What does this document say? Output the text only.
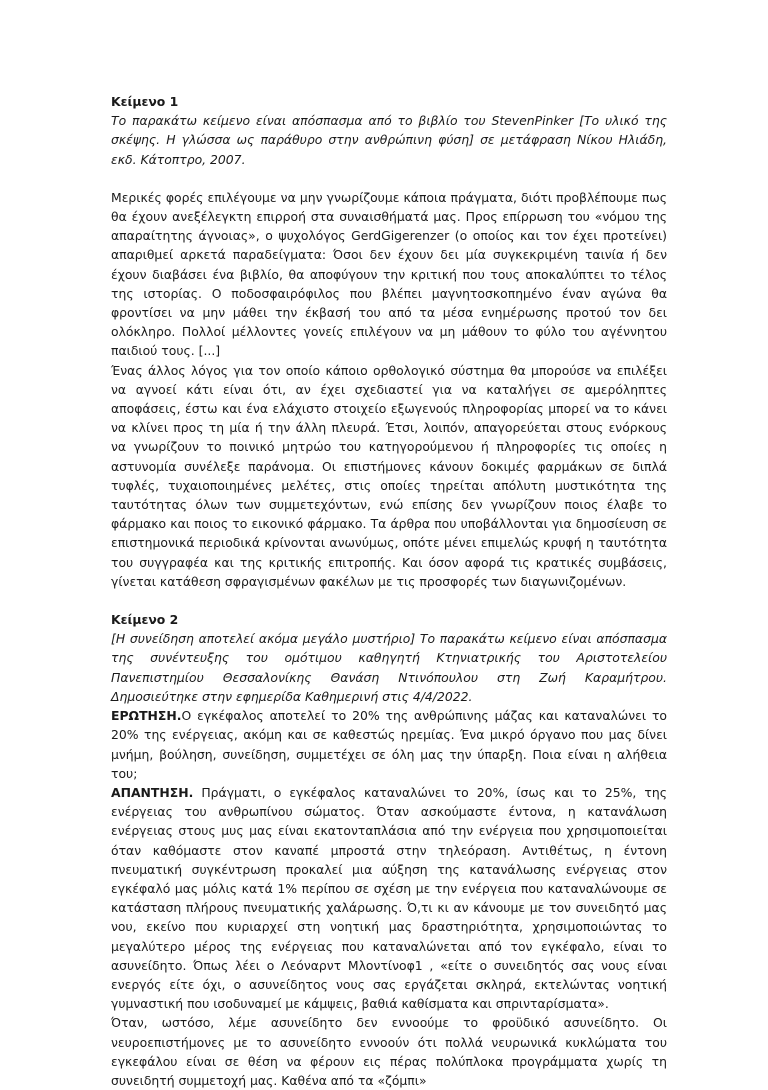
Κείμενο 1

Το παρακάτω κείμενο είναι απόσπασμα από το βιβλίο του StevenPinker [Το υλικό της σκέψης. Η γλώσσα ως παράθυρο στην ανθρώπινη φύση] σε μετάφραση Νίκου Ηλιάδη, εκδ. Κάτοπτρο, 2007.

Μερικές φορές επιλέγουμε να μην γνωρίζουμε κάποια πράγματα, διότι προβλέπουμε πως θα έχουν ανεξέλεγκτη επιρροή στα συναισθήματά μας. Προς επίρρωση του «νόμου της απαραίτητης άγνοιας», ο ψυχολόγος GerdGigerenzer (ο οποίος και τον έχει προτείνει) απαριθμεί αρκετά παραδείγματα: Όσοι δεν έχουν δει μία συγκεκριμένη ταινία ή δεν έχουν διαβάσει ένα βιβλίο, θα αποφύγουν την κριτική που τους αποκαλύπτει το τέλος της ιστορίας. Ο ποδοσφαιρόφιλος που βλέπει μαγνητοσκοπημένο έναν αγώνα θα φροντίσει να μην μάθει την έκβασή του από τα μέσα ενημέρωσης προτού τον δει ολόκληρο. Πολλοί μέλλοντες γονείς επιλέγουν να μη μάθουν το φύλο του αγέννητου παιδιού τους. [...]

Ένας άλλος λόγος για τον οποίο κάποιο ορθολογικό σύστημα θα μπορούσε να επιλέξει να αγνοεί κάτι είναι ότι, αν έχει σχεδιαστεί για να καταλήγει σε αμερόληπτες αποφάσεις, έστω και ένα ελάχιστο στοιχείο εξωγενούς πληροφορίας μπορεί να το κάνει να κλίνει προς τη μία ή την άλλη πλευρά. Έτσι, λοιπόν, απαγορεύεται στους ενόρκους να γνωρίζουν το ποινικό μητρώο του κατηγορούμενου ή πληροφορίες τις οποίες η αστυνομία συνέλεξε παράνομα. Οι επιστήμονες κάνουν δοκιμές φαρμάκων σε διπλά τυφλές, τυχαιοποιημένες μελέτες, στις οποίες τηρείται απόλυτη μυστικότητα της ταυτότητας όλων των συμμετεχόντων, ενώ επίσης δεν γνωρίζουν ποιος έλαβε το φάρμακο και ποιος το εικονικό φάρμακο. Τα άρθρα που υποβάλλονται για δημοσίευση σε επιστημονικά περιοδικά κρίνονται ανωνύμως, οπότε μένει επιμελώς κρυφή η ταυτότητα του συγγραφέα και της κριτικής επιτροπής. Και όσον αφορά τις κρατικές συμβάσεις, γίνεται κατάθεση σφραγισμένων φακέλων με τις προσφορές των διαγωνιζομένων.

Κείμενο 2

[Η συνείδηση αποτελεί ακόμα μεγάλο μυστήριο] Το παρακάτω κείμενο είναι απόσπασμα της συνέντευξης του ομότιμου καθηγητή Κτηνιατρικής του Αριστοτελείου Πανεπιστημίου Θεσσαλονίκης Θανάση Ντινόπουλου στη Ζωή Καραμήτρου. Δημοσιεύτηκε στην εφημερίδα Καθημερινή στις 4/4/2022.

ΕΡΩΤΗΣΗ.Ο εγκέφαλος αποτελεί το 20% της ανθρώπινης μάζας και καταναλώνει το 20% της ενέργειας, ακόμη και σε καθεστώς ηρεμίας. Ένα μικρό όργανο που μας δίνει μνήμη, βούληση, συνείδηση, συμμετέχει σε όλη μας την ύπαρξη. Ποια είναι η αλήθεια του;

ΑΠΑΝΤΗΣΗ. Πράγματι, ο εγκέφαλος καταναλώνει το 20%, ίσως και το 25%, της ενέργειας του ανθρωπίνου σώματος. Όταν ασκούμαστε έντονα, η κατανάλωση ενέργειας στους μυς μας είναι εκατονταπλάσια από την ενέργεια που χρησιμοποιείται όταν καθόμαστε στον καναπέ μπροστά στην τηλεόραση. Αντιθέτως, η έντονη πνευματική συγκέντρωση προκαλεί μια αύξηση της κατανάλωσης ενέργειας στον εγκέφαλό μας μόλις κατά 1% περίπου σε σχέση με την ενέργεια που καταναλώνουμε σε κατάσταση πλήρους πνευματικής χαλάρωσης. Ό,τι κι αν κάνουμε με τον συνειδητό μας νου, εκείνο που κυριαρχεί στη νοητική μας δραστηριότητα, χρησιμοποιώντας το μεγαλύτερο μέρος της ενέργειας που καταναλώνεται από τον εγκέφαλο, είναι το ασυνείδητο. Όπως λέει ο Λεόναρντ Μλοντίνοφ1 , «είτε ο συνειδητός σας νους είναι ενεργός είτε όχι, ο ασυνείδητος νους σας εργάζεται σκληρά, εκτελώντας νοητική γυμναστική που ισοδυναμεί με κάμψεις, βαθιά καθίσματα και σπρινταρίσματα».

Όταν, ωστόσο, λέμε ασυνείδητο δεν εννοούμε το φροϋδικό ασυνείδητο. Οι νευροεπιστήμονες με το ασυνείδητο εννοούν ότι πολλά νευρωνικά κυκλώματα του εγκεφάλου είναι σε θέση να φέρουν εις πέρας πολύπλοκα προγράμματα χωρίς τη συνειδητή συμμετοχή μας. Καθένα από τα «ζόμπι»
